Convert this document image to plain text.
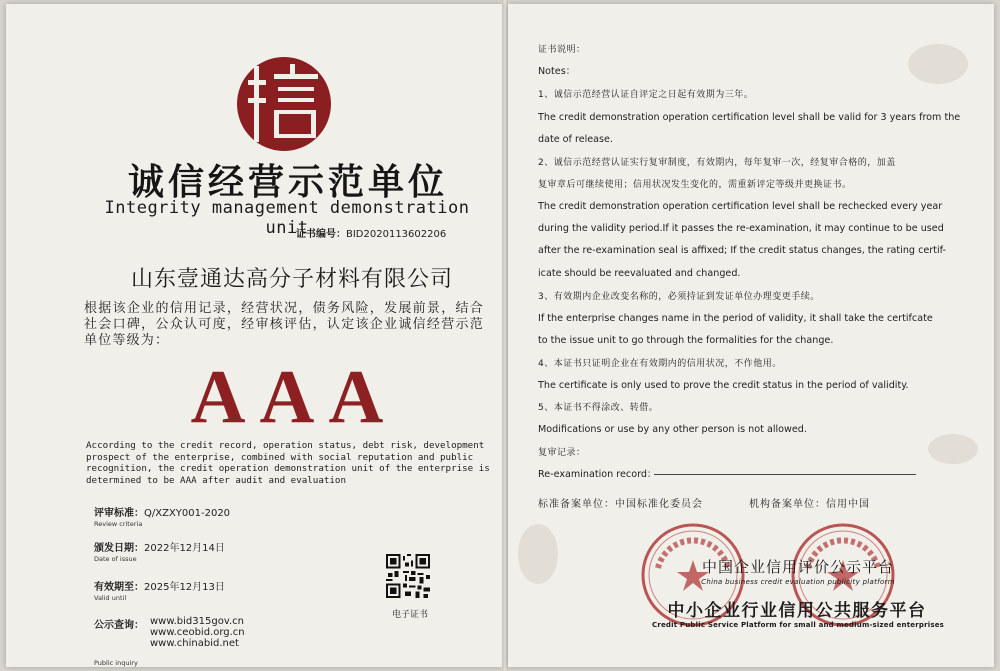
诚信经营示范单位
Integrity management demonstration unit
证书编号：BID2020113602206
山东壹通达高分子材料有限公司
根据该企业的信用记录，经营状况，债务风险，发展前景，结合社会口碑，公众认可度，经审核评估，认定该企业诚信经营示范单位等级为：
AAA
According to the credit record, operation status, debt risk, development prospect of the enterprise, combined with social reputation and public recognition, the credit operation demonstration unit of the enterprise is determined to be AAA after audit and evaluation
评审标准：Q/XZXY001-2020
Review criteria
颁发日期：2022年12月14日
Date of issue
有效期至：2025年12月13日
Valid until
公示查询： www.bid315gov.cn
www.ceobid.org.cn
www.chinabid.net
Public inquiry
电子证书
证书说明：
Notes：
1、诚信示范经营认证自评定之日起有效期为三年。
The credit demonstration operation certification level shall be valid for 3 years from the
date of release.
2、诚信示范经营认证实行复审制度，有效期内，每年复审一次，经复审合格的，加盖
复审章后可继续使用；信用状况发生变化的，需重新评定等级并更换证书。
The credit demonstration operation certification level shall be rechecked every year
during the validity period.If it passes the re-examination, it may continue to be used
after the re-examination seal is affixed; If the credit status changes, the rating certif-
icate should be reevaluated and changed.
3、有效期内企业改变名称的，必须持证到发证单位办理变更手续。
If the enterprise changes name in the period of validity, it shall take the certifcate
to the issue unit to go through the formalities for the change.
4、本证书只证明企业在有效期内的信用状况，不作他用。
The certificate is only used to prove the credit status in the period of validity.
5、本证书不得涂改、转借。
Modifications or use by any other person is not allowed.
复审记录：
Re-examination record：
标准备案单位：中国标准化委员会	机构备案单位：信用中国
中国企业信用评价公示平台
China business credit evaluation publicity platform
中小企业行业信用公共服务平台
Credit Public Service Platform for small and medium-sized enterprises
